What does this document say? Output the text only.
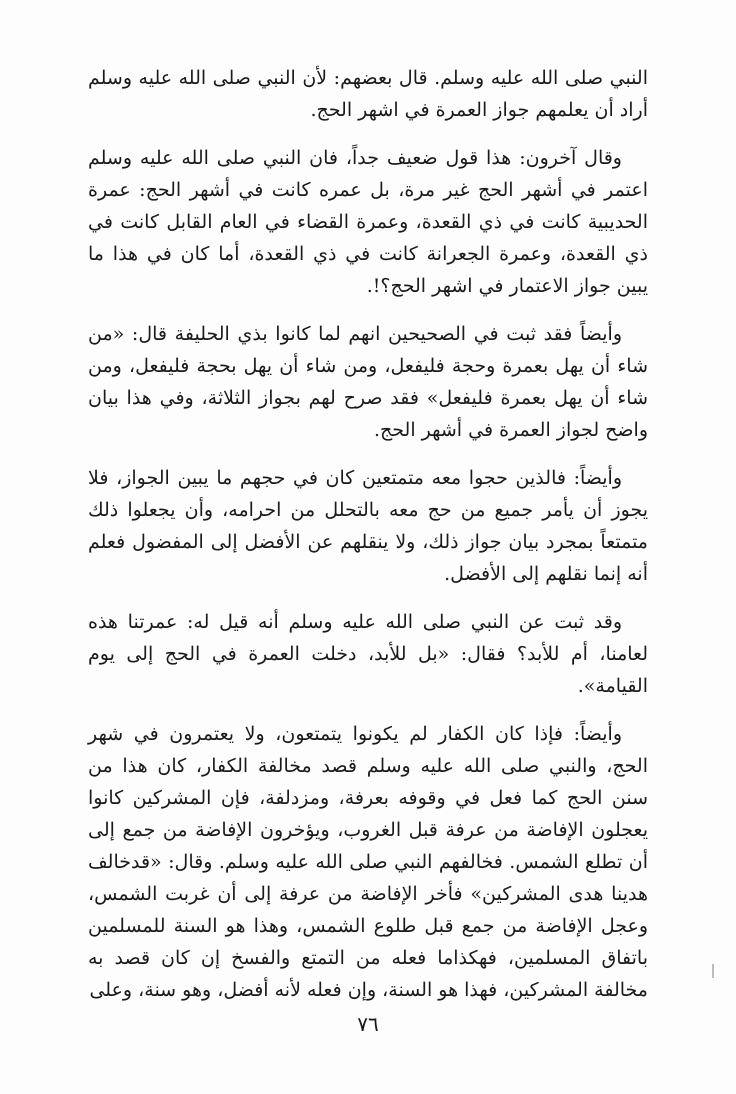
النبي صلى الله عليه وسلم. قال بعضهم: لأن النبي صلى الله عليه وسلم أراد أن يعلمهم جواز العمرة في اشهر الحج.

وقال آخرون: هذا قول ضعيف جداً، فان النبي صلى الله عليه وسلم اعتمر في أشهر الحج غير مرة، بل عمره كانت في أشهر الحج: عمرة الحديبية كانت في ذي القعدة، وعمرة القضاء في العام القابل كانت في ذي القعدة، وعمرة الجعرانة كانت في ذي القعدة، أما كان في هذا ما يبين جواز الاعتمار في اشهر الحج؟!.

وأيضاً فقد ثبت في الصحيحين انهم لما كانوا بذي الحليفة قال: «من شاء أن يهل بعمرة وحجة فليفعل، ومن شاء أن يهل بحجة فليفعل، ومن شاء أن يهل بعمرة فليفعل» فقد صرح لهم بجواز الثلاثة، وفي هذا بيان واضح لجواز العمرة في أشهر الحج.

وأيضاً: فالذين حجوا معه متمتعين كان في حجهم ما يبين الجواز، فلا يجوز أن يأمر جميع من حج معه بالتحلل من احرامه، وأن يجعلوا ذلك متمتعاً بمجرد بيان جواز ذلك، ولا ينقلهم عن الأفضل إلى المفضول فعلم أنه إنما نقلهم إلى الأفضل.

وقد ثبت عن النبي صلى الله عليه وسلم أنه قيل له: عمرتنا هذه لعامنا، أم للأبد؟ فقال: «بل للأبد، دخلت العمرة في الحج إلى يوم القيامة».

وأيضاً: فإذا كان الكفار لم يكونوا يتمتعون، ولا يعتمرون في شهر الحج، والنبي صلى الله عليه وسلم قصد مخالفة الكفار، كان هذا من سنن الحج كما فعل في وقوفه بعرفة، ومزدلفة، فإن المشركين كانوا يعجلون الإفاضة من عرفة قبل الغروب، ويؤخرون الإفاضة من جمع إلى أن تطلع الشمس. فخالفهم النبي صلى الله عليه وسلم. وقال: «قدخالف هدينا هدى المشركين» فأخر الإفاضة من عرفة إلى أن غربت الشمس، وعجل الإفاضة من جمع قبل طلوع الشمس، وهذا هو السنة للمسلمين باتفاق المسلمين، فهكذاما فعله من التمتع والفسخ إن كان قصد به مخالفة المشركين، فهذا هو السنة، وإن فعله لأنه أفضل، وهو سنة، وعلى

٧٦
